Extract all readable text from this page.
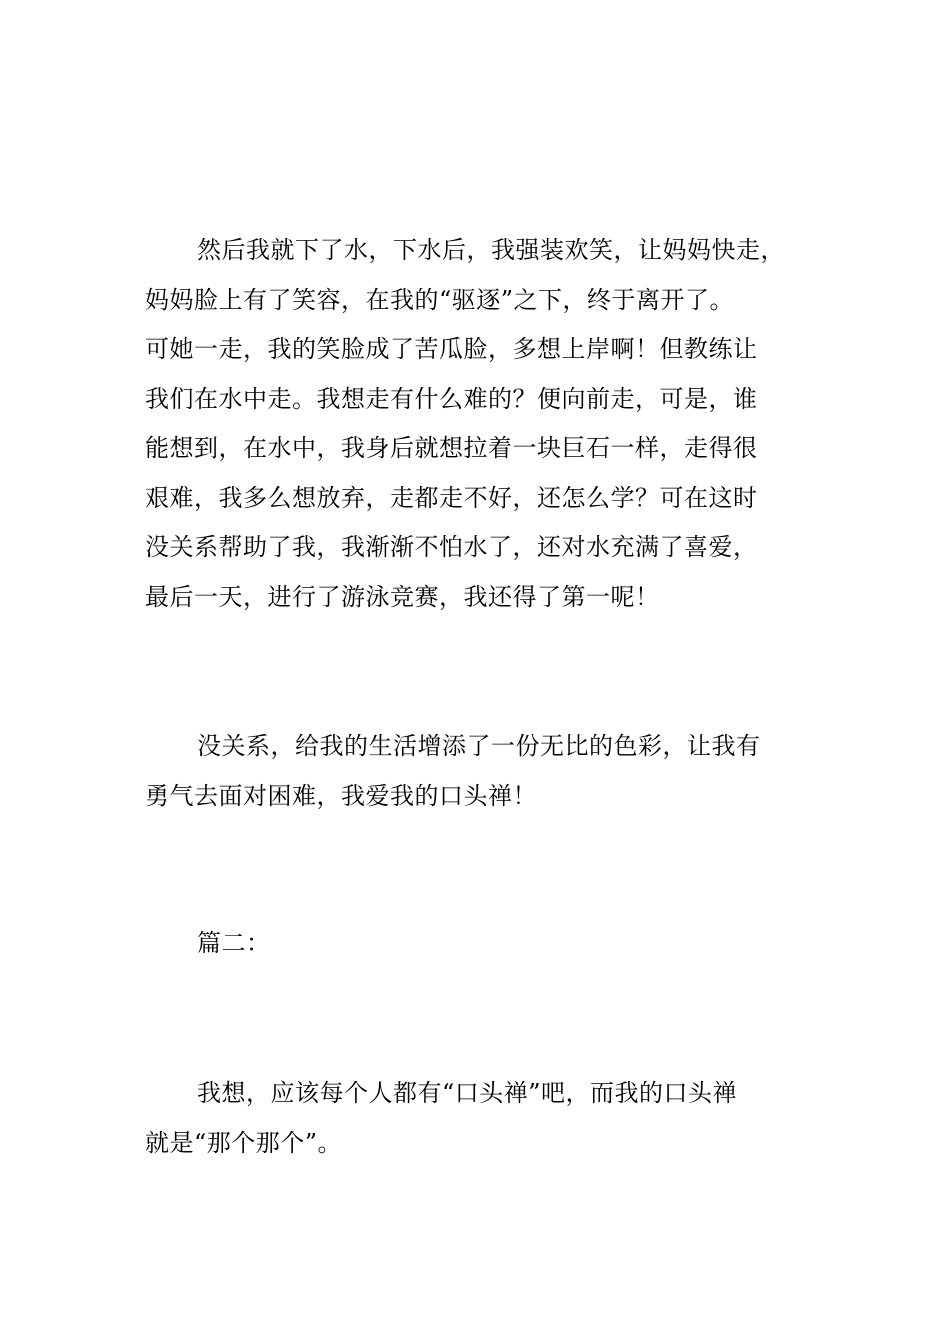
然后我就下了水，下水后，我强装欢笑，让妈妈快走，
妈妈脸上有了笑容，在我的“驱逐”之下，终于离开了。
可她一走，我的笑脸成了苦瓜脸，多想上岸啊！但教练让
我们在水中走。我想走有什么难的？便向前走，可是，谁
能想到，在水中，我身后就想拉着一块巨石一样，走得很
艰难，我多么想放弃，走都走不好，还怎么学？可在这时
没关系帮助了我，我渐渐不怕水了，还对水充满了喜爱，
最后一天，进行了游泳竞赛，我还得了第一呢！
没关系，给我的生活增添了一份无比的色彩，让我有
勇气去面对困难，我爱我的口头禅！
篇二：
我想，应该每个人都有“口头禅”吧，而我的口头禅
就是“那个那个”。
